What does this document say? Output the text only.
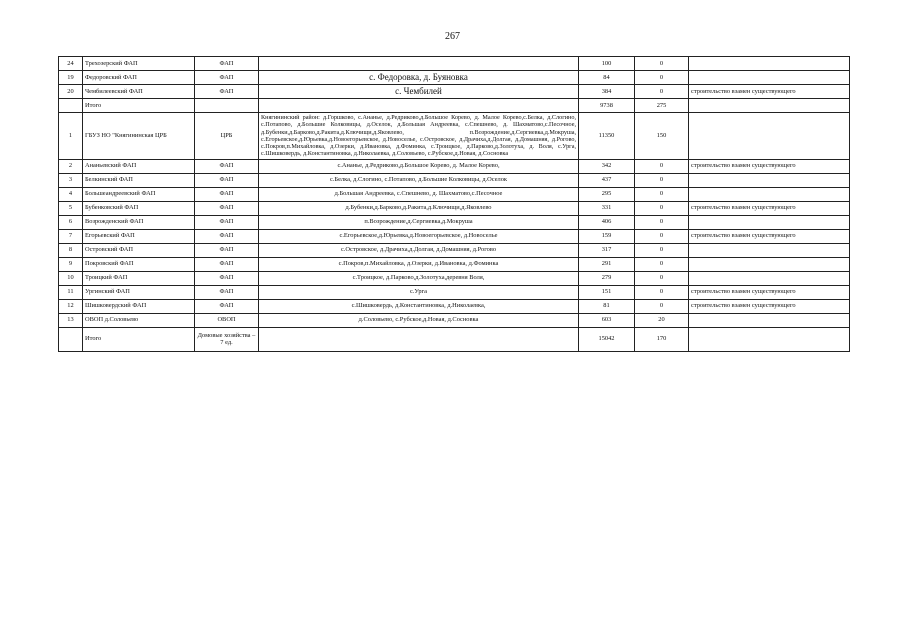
267
24	Трехозерский ФАП	ФАП		100	0	
19	Федоровский ФАП	ФАП	с. Федоровка, д. Буяновка	84	0	
20	Чембилеевский ФАП	ФАП	с. Чембилей	384	0	строительство взамен существующего
	Итого			9738	275	
1	ГБУЗ НО "Княгининская ЦРБ	ЦРБ	Княгининский район: д.Горшково, с.Ананье, д.Редриково,д.Большое Корево, д. Малое Корево,с.Белка, д.Слогино, с.Потапово, д.Большие Колковицы, д.Оселок, д.Большая Андреевка, с.Спешнево, д. Шахматово,с.Песочное, д.Бубенки,д.Барково,д.Ракита,д.Ключищи,д.Яковлево, п.Возрождение,д.Сергиевка,д.Мокруша, с.Егорьевское,д.Юрьевка,д.Новоегорьевское, д.Новоселье, с.Островское, д.Драчиха,д.Долгая, д.Домашняя, д.Рогово, с.Покров,п.Михайловка, д.Озерки, д.Ивановка, д.Фоминка, с.Троицкое, д.Парково,д.Золотуха, д. Воля, с.Урга, с.Шишковердь, д.Константиновка, д.Николаевка, д.Соловьево, с.Рубское,д.Новая, д.Сосновка	11350	150	
2	Ананьевский ФАП	ФАП	с.Ананье, д.Редриково,д.Большое Корево, д. Малое Корево,	342	0	строительство взамен существующего
3	Белкинский ФАП	ФАП	с.Белка, д.Слогино, с.Потапово, д.Большие Колковицы, д.Оселок	437	0	
4	Большеандреевский ФАП	ФАП	д.Большая Андреевка, с.Спешнево, д. Шахматово,с.Песочное	295	0	
5	Бубенковский ФАП	ФАП	д.Бубенки,д.Барково,д.Ракита,д.Ключищи,д.Яковлево	331	0	строительство взамен существующего
6	Возрожденский ФАП	ФАП	п.Возрождение,д.Сергиевка,д.Мокруша	406	0	
7	Егорьевский ФАП	ФАП	с.Егорьевское,д.Юрьевка,д.Новоегорьевское, д.Новоселье	159	0	строительство взамен существующего
8	Островский ФАП	ФАП	с.Островское, д.Драчиха,д.Долгая, д.Домашняя, д.Рогово	317	0	
9	Покровский ФАП	ФАП	с.Покров,п.Михайловка, д.Озерки, д.Ивановка, д.Фоминка	291	0	
10	Троицкий ФАП	ФАП	с.Троицкое, д.Парково,д.Золотуха,деревня Воля,	279	0	
11	Ургинский ФАП	ФАП	с.Урга	151	0	строительство взамен существующего
12	Шишковердский ФАП	ФАП	с.Шишковердь, д.Константиновка, д.Николаевка,	81	0	строительство взамен существующего
13	ОВОП д.Соловьево	ОВОП	д.Соловьево, с.Рубское,д.Новая, д.Сосновка	603	20	
	Итого	Домовые хозяйства – 7 ед.		15042	170	
